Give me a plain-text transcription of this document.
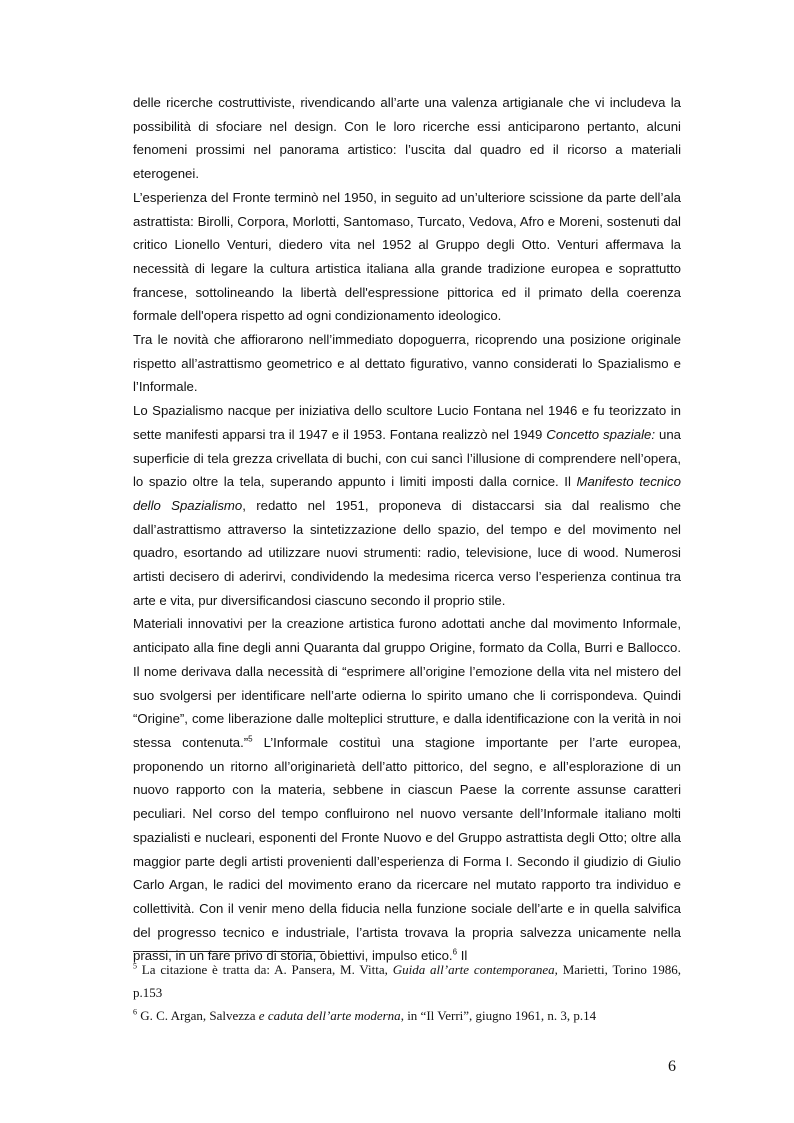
delle ricerche costruttiviste, rivendicando all’arte una valenza artigianale che vi includeva la possibilità di sfociare nel design. Con le loro ricerche essi anticiparono pertanto, alcuni fenomeni prossimi nel panorama artistico: l’uscita dal quadro ed il ricorso a materiali eterogenei.

L’esperienza del Fronte terminò nel 1950, in seguito ad un’ulteriore scissione da parte dell’ala astrattista: Birolli, Corpora, Morlotti, Santomaso, Turcato, Vedova, Afro e Moreni, sostenuti dal critico Lionello Venturi, diedero vita nel 1952 al Gruppo degli Otto. Venturi affermava la necessità di legare la cultura artistica italiana alla grande tradizione europea e soprattutto francese, sottolineando la libertà dell'espressione pittorica ed il primato della coerenza formale dell'opera rispetto ad ogni condizionamento ideologico.

Tra le novità che affiorarono nell’immediato dopoguerra, ricoprendo una posizione originale rispetto all’astrattismo geometrico e al dettato figurativo, vanno considerati lo Spazialismo e l’Informale.

Lo Spazialismo nacque per iniziativa dello scultore Lucio Fontana nel 1946 e fu teorizzato in sette manifesti apparsi tra il 1947 e il 1953. Fontana realizzò nel 1949 Concetto spaziale: una superficie di tela grezza crivellata di buchi, con cui sancì l’illusione di comprendere nell’opera, lo spazio oltre la tela, superando appunto i limiti imposti dalla cornice. Il Manifesto tecnico dello Spazialismo, redatto nel 1951, proponeva di distaccarsi sia dal realismo che dall’astrattismo attraverso la sintetizzazione dello spazio, del tempo e del movimento nel quadro, esortando ad utilizzare nuovi strumenti: radio, televisione, luce di wood. Numerosi artisti decisero di aderirvi, condividendo la medesima ricerca verso l’esperienza continua tra arte e vita, pur diversificandosi ciascuno secondo il proprio stile.

Materiali innovativi per la creazione artistica furono adottati anche dal movimento Informale, anticipato alla fine degli anni Quaranta dal gruppo Origine, formato da Colla, Burri e Ballocco. Il nome derivava dalla necessità di “esprimere all’origine l’emozione della vita nel mistero del suo svolgersi per identificare nell’arte odierna lo spirito umano che li corrispondeva. Quindi “Origine”, come liberazione dalle molteplici strutture, e dalla identificazione con la verità in noi stessa contenuta.”$^5$ L’Informale costituì una stagione importante per l’arte europea, proponendo un ritorno all’originarietà dell’atto pittorico, del segno, e all’esplorazione di un nuovo rapporto con la materia, sebbene in ciascun Paese la corrente assunse caratteri peculiari. Nel corso del tempo confluirono nel nuovo versante dell’Informale italiano molti spazialisti e nucleari, esponenti del Fronte Nuovo e del Gruppo astrattista degli Otto; oltre alla maggior parte degli artisti provenienti dall’esperienza di Forma I. Secondo il giudizio di Giulio Carlo Argan, le radici del movimento erano da ricercare nel mutato rapporto tra individuo e collettività. Con il venir meno della fiducia nella funzione sociale dell’arte e in quella salvifica del progresso tecnico e industriale, l’artista trovava la propria salvezza unicamente nella prassi, in un fare privo di storia, obiettivi, impulso etico.$^6$ Il

$^5$ La citazione è tratta da: A. Pansera, M. Vitta, Guida all’arte contemporanea, Marietti, Torino 1986, p.153

$^6$ G. C. Argan, Salvezza e caduta dell’arte moderna, in “Il Verri”, giugno 1961, n. 3, p.14

6
